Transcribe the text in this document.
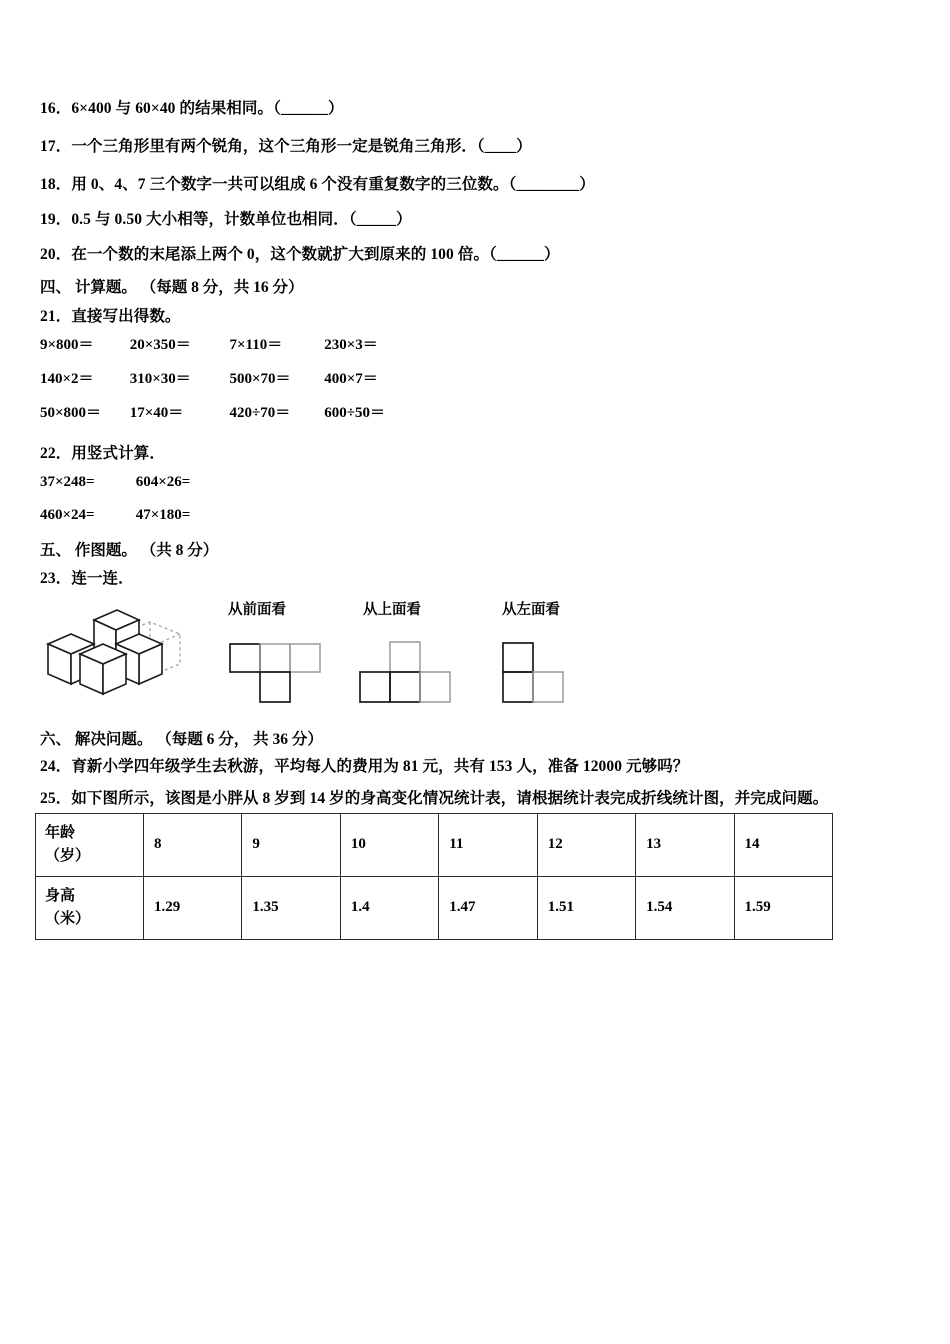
16．6×400 与 60×40 的结果相同。（______）
17．一个三角形里有两个锐角，这个三角形一定是锐角三角形．（____）
18．用 0、4、7 三个数字一共可以组成 6 个没有重复数字的三位数。（________）
19．0.5 与 0.50 大小相等，计数单位也相同．（_____）
20．在一个数的末尾添上两个 0，这个数就扩大到原来的 100 倍。（______）
四、 计算题。 （每题 8 分，共 16 分）
21．直接写出得数。
9×800＝ 20×350＝	7×110＝	230×3＝
140×2＝ 310×30＝	500×70＝ 400×7＝
50×800＝ 17×40＝	420÷70＝ 600÷50＝
22．用竖式计算．
37×248=	604×26=
460×24=	47×180=
五、 作图题。 （共 8 分）
23．连一连．
从前面看	从上面看	从左面看
六、 解决问题。 （每题 6 分， 共 36 分）
24．育新小学四年级学生去秋游，平均每人的费用为 81 元，共有 153 人，准备 12000 元够吗？
25．如下图所示，该图是小胖从 8 岁到 14 岁的身高变化情况统计表，请根据统计表完成折线统计图，并完成问题。
年龄
（岁）	8	9	10	11	12	13	14

身高
（米）	1.29	1.35	1.4	1.47	1.51	1.54	1.59
